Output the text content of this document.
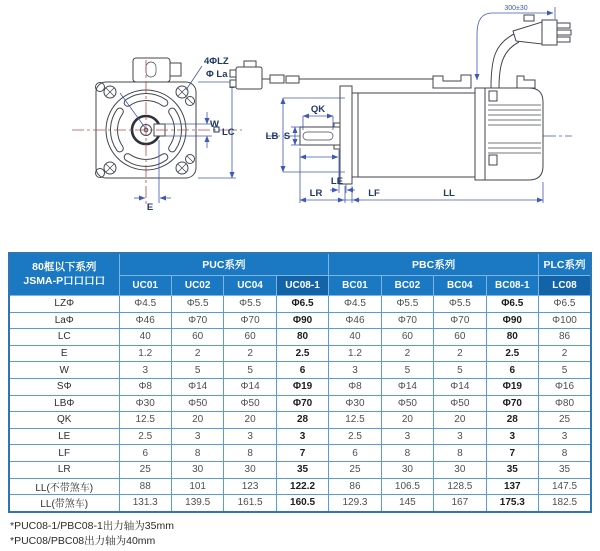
4ΦLZ
Φ La
W
LC
E
300±30
LB S
QK
LE
LR	LF	LL
80框以下系列
JSMA-P口口口口	PUC系列				PBC系列				PLC系列
	UC01	UC02	UC04	UC08-1	BC01	BC02	BC04	BC08-1	LC08
LZΦ	Φ4.5	Φ5.5	Φ5.5	Φ6.5	Φ4.5	Φ5.5	Φ5.5	Φ6.5	Φ6.5
LaΦ	Φ46	Φ70	Φ70	Φ90	Φ46	Φ70	Φ70	Φ90	Φ100
LC	40	60	60	80	40	60	60	80	86
E	1.2	2	2	2.5	1.2	2	2	2.5	2
W	3	5	5	6	3	5	5	6	5
SΦ	Φ8	Φ14	Φ14	Φ19	Φ8	Φ14	Φ14	Φ19	Φ16
LBΦ	Φ30	Φ50	Φ50	Φ70	Φ30	Φ50	Φ50	Φ70	Φ80
QK	12.5	20	20	28	12.5	20	20	28	25
LE	2.5	3	3	3	2.5	3	3	3	3
LF	6	8	8	7	6	8	8	7	8
LR	25	30	30	35	25	30	30	35	35
LL(不带煞车)	88	101	123	122.2	86	106.5	128.5	137	147.5
LL(带煞车)	131.3	139.5	161.5	160.5	129.3	145	167	175.3	182.5

*PUC08-1/PBC08-1出力轴为35mm

*PUC08/PBC08出力轴为40mm
